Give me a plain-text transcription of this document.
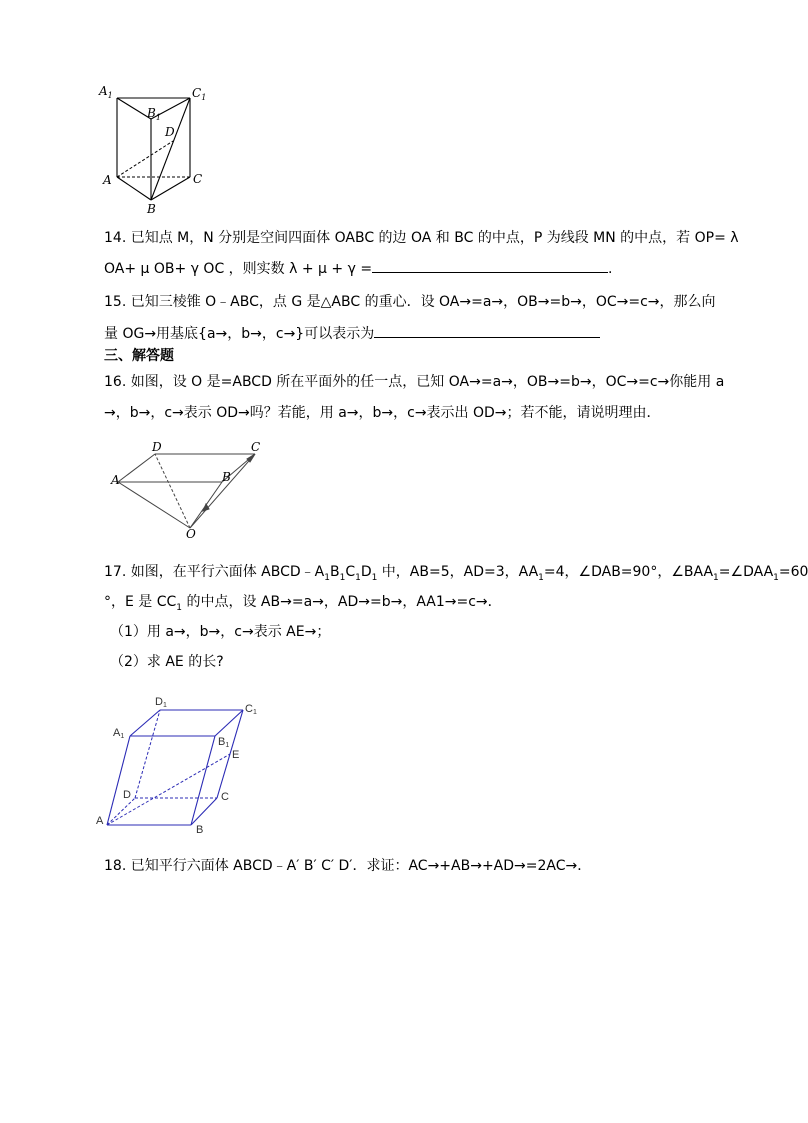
$A_1$
$B_1$
$C_1$
D
A
B
C
14. 已知点 M，N 分别是空间四面体 OABC 的边 OA 和 BC 的中点，P 为线段 MN 的中点，若 OP= λ
OA+ μ OB+ γ OC ，则实数 λ + μ + γ =	.
15. 已知三棱锥 O﹣ABC，点 G 是△ABC 的重心．设 OA→=a→，OB→=b→，OC→=c→，那么向
量 OG→用基底{a→，b→，c→}可以表示为
三、解答题
16. 如图，设 O 是=ABCD 所在平面外的任一点，已知 OA→=a→，OB→=b→，OC→=c→你能用 a
→，b→，c→表示 OD→吗？若能，用 a→，b→，c→表示出 OD→；若不能，请说明理由．
D	C
A	B
O
17. 如图，在平行六面体 $ABCD﹣A_1B_1C_1D_1$ 中，AB=5，AD=3，$AA_1=4$，∠DAB=90°，$\angle BAA_1=\angle DAA_1=60$
°，E 是 $CC_1$ 的中点，设 AB→=a→，AD→=b→，AA1→=c→．
（1）用 a→，b→，c→表示 AE→；
（2）求 AE 的长?
D1	C1
A1	B1
E
D	C
A
B
18. 已知平行六面体 ABCD﹣A′ B′ C′ D′．求证：AC→+AB→+AD→=2AC→．
